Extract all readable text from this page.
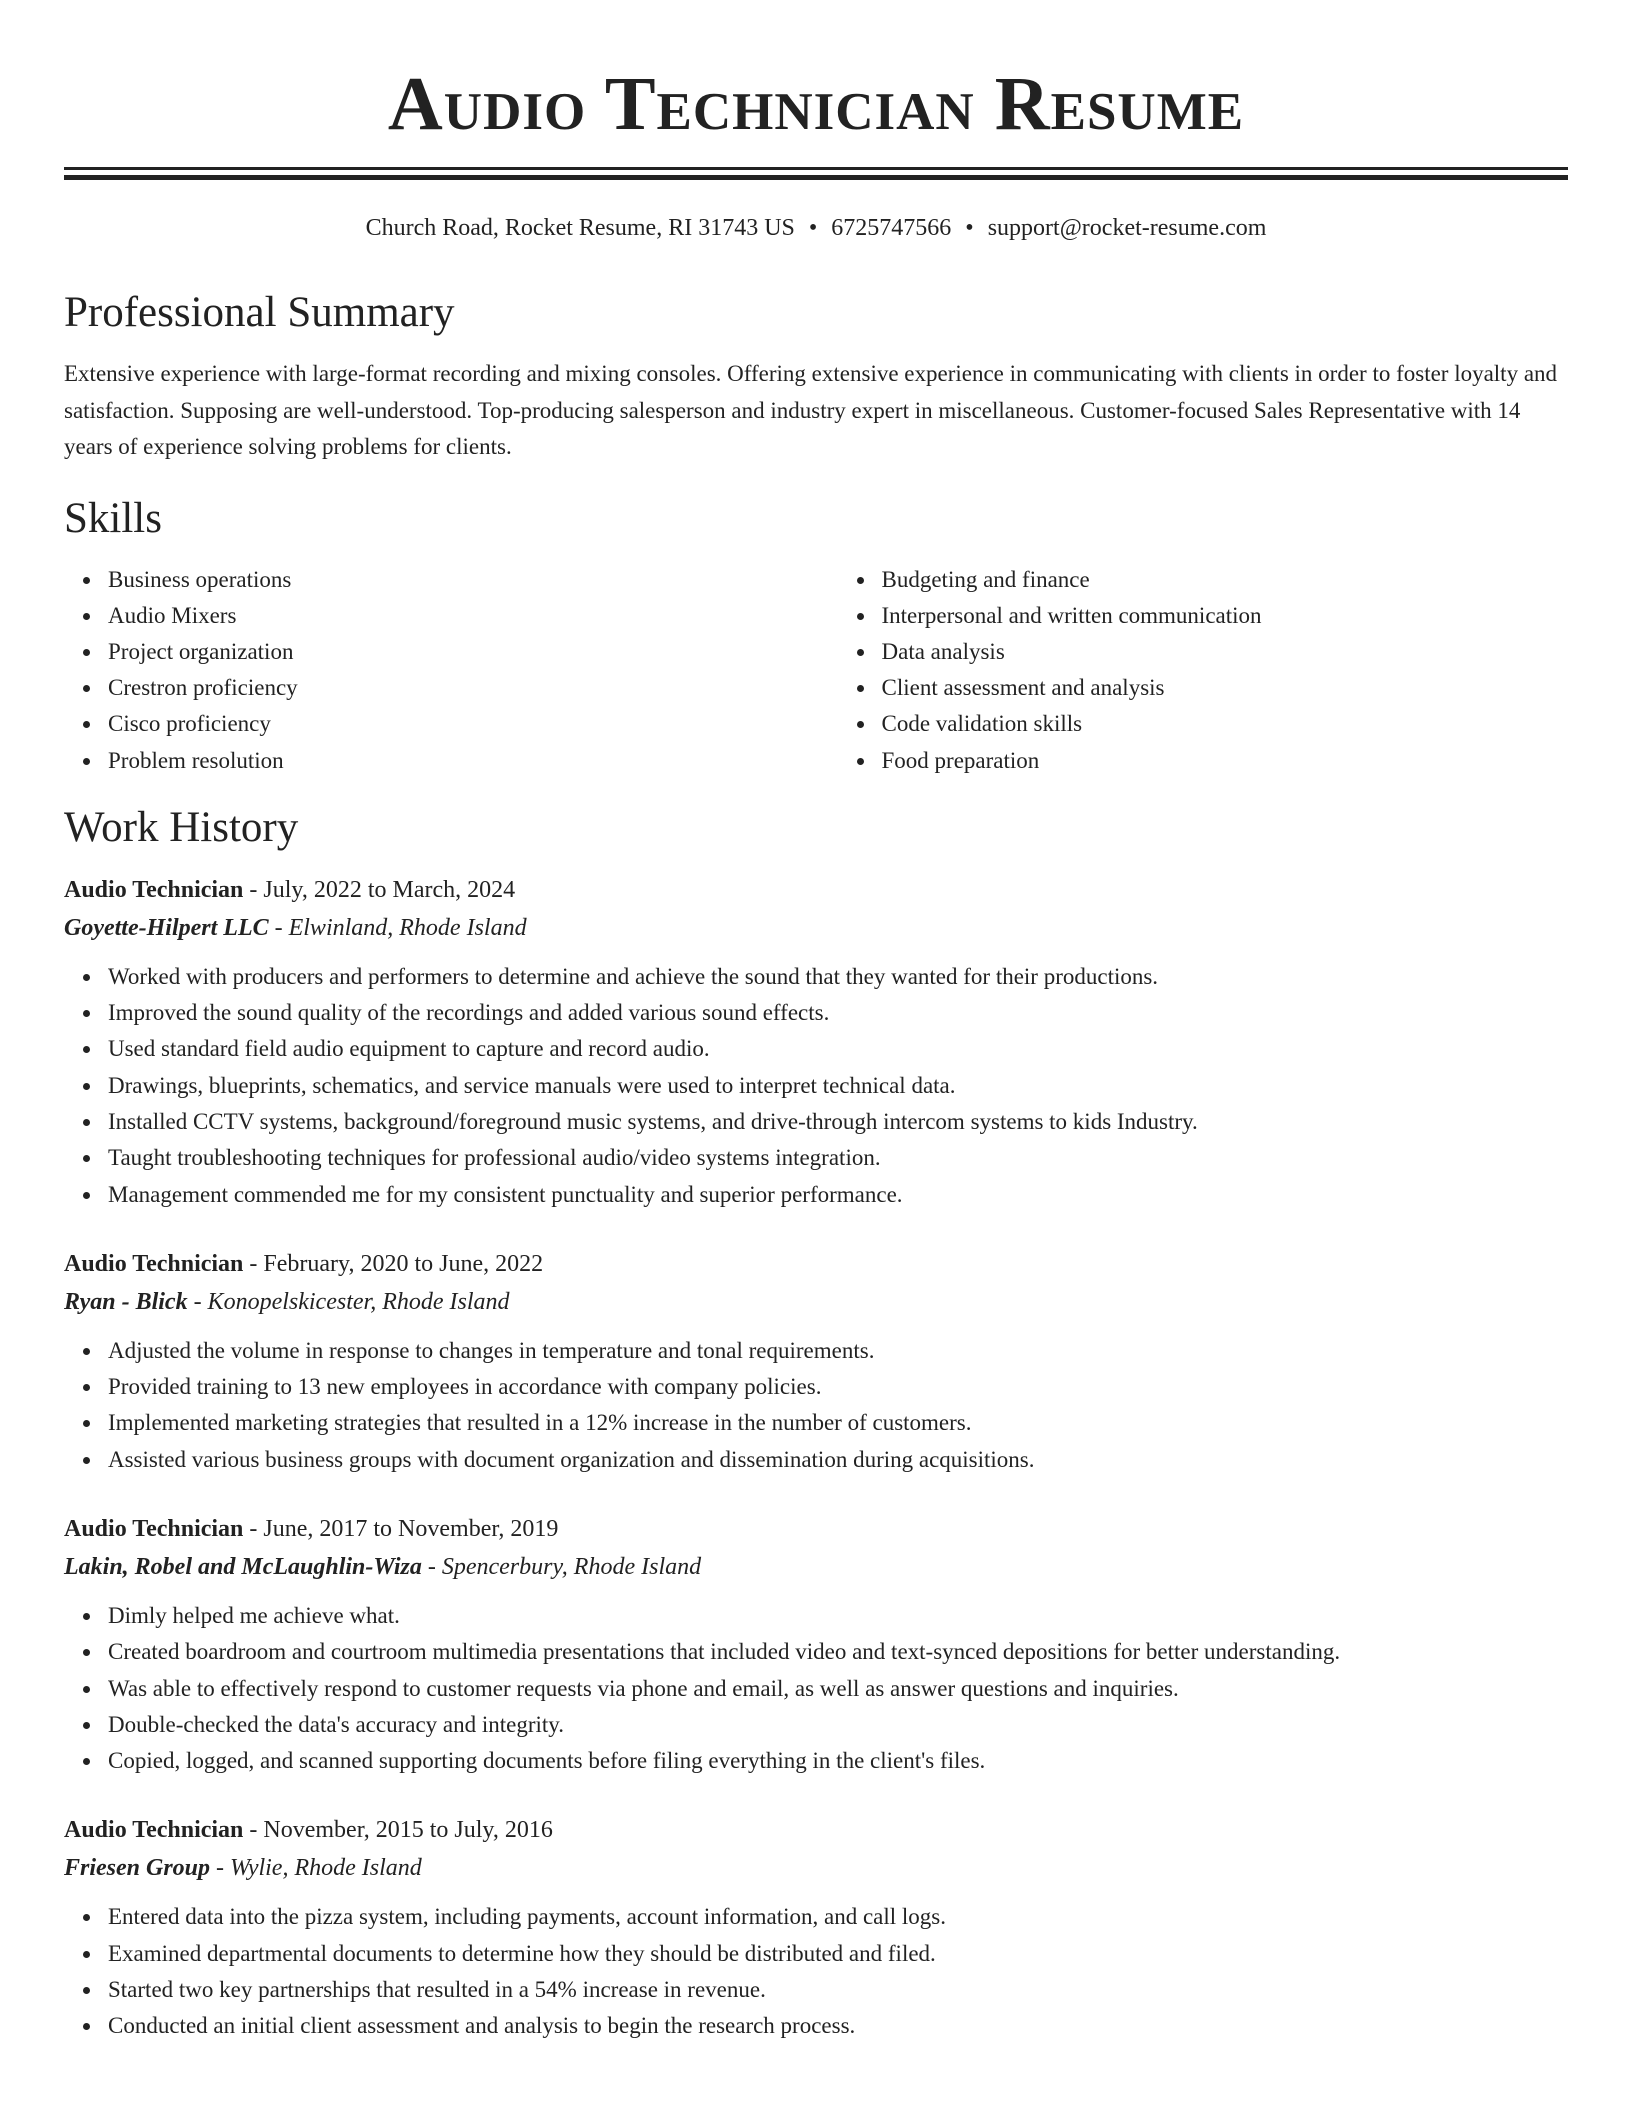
Audio Technician Resume
Church Road, Rocket Resume, RI 31743 US • 6725747566 • support@rocket-resume.com
Professional Summary

Extensive experience with large-format recording and mixing consoles. Offering extensive experience in communicating with clients in order to foster loyalty and satisfaction. Supposing are well-understood. Top-producing salesperson and industry expert in miscellaneous. Customer-focused Sales Representative with 14 years of experience solving problems for clients.

Skills
Business operations
Audio Mixers
Project organization
Crestron proficiency
Cisco proficiency
Problem resolution
Budgeting and finance
Interpersonal and written communication
Data analysis
Client assessment and analysis
Code validation skills
Food preparation
Work History
Audio Technician - July, 2022 to March, 2024
Goyette-Hilpert LLC - Elwinland, Rhode Island
Worked with producers and performers to determine and achieve the sound that they wanted for their productions.
Improved the sound quality of the recordings and added various sound effects.
Used standard field audio equipment to capture and record audio.
Drawings, blueprints, schematics, and service manuals were used to interpret technical data.
Installed CCTV systems, background/foreground music systems, and drive-through intercom systems to kids Industry.
Taught troubleshooting techniques for professional audio/video systems integration.
Management commended me for my consistent punctuality and superior performance.
Audio Technician - February, 2020 to June, 2022
Ryan - Blick - Konopelskicester, Rhode Island
Adjusted the volume in response to changes in temperature and tonal requirements.
Provided training to 13 new employees in accordance with company policies.
Implemented marketing strategies that resulted in a 12% increase in the number of customers.
Assisted various business groups with document organization and dissemination during acquisitions.
Audio Technician - June, 2017 to November, 2019
Lakin, Robel and McLaughlin-Wiza - Spencerbury, Rhode Island
Dimly helped me achieve what.
Created boardroom and courtroom multimedia presentations that included video and text-synced depositions for better understanding.
Was able to effectively respond to customer requests via phone and email, as well as answer questions and inquiries.
Double-checked the data's accuracy and integrity.
Copied, logged, and scanned supporting documents before filing everything in the client's files.
Audio Technician - November, 2015 to July, 2016
Friesen Group - Wylie, Rhode Island
Entered data into the pizza system, including payments, account information, and call logs.
Examined departmental documents to determine how they should be distributed and filed.
Started two key partnerships that resulted in a 54% increase in revenue.
Conducted an initial client assessment and analysis to begin the research process.
